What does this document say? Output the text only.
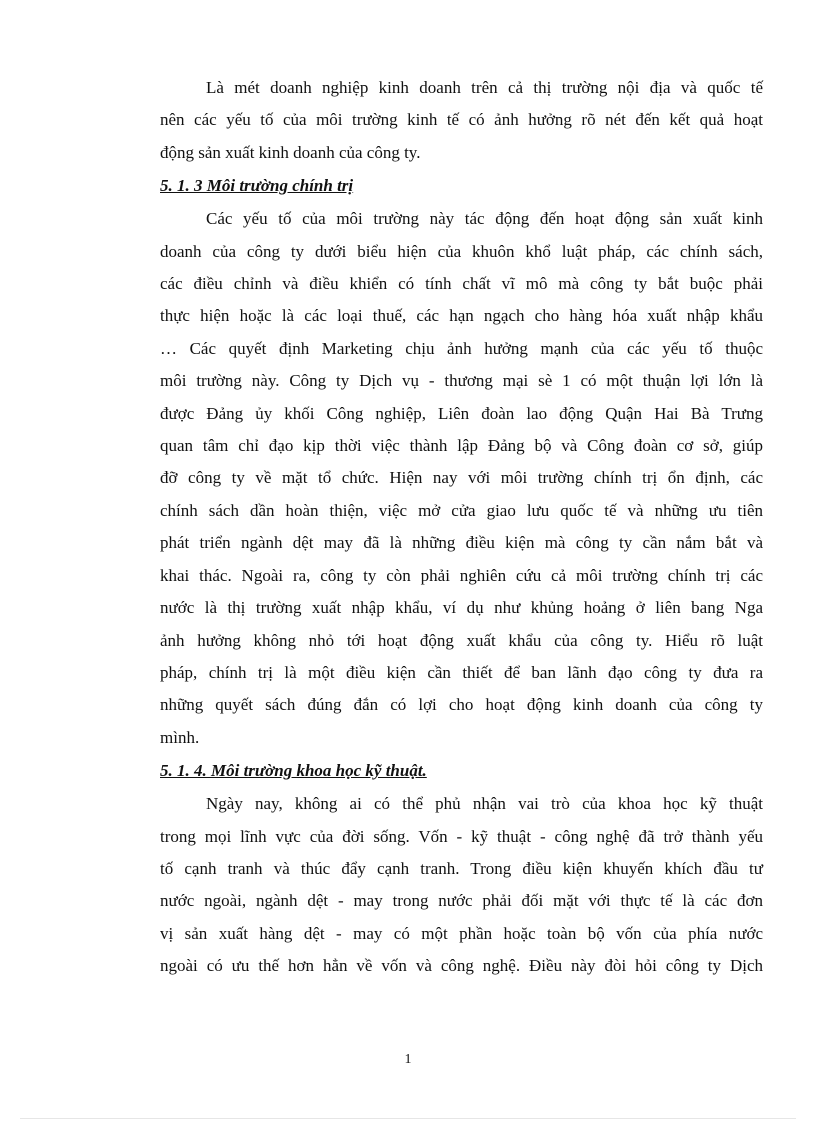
Là mét doanh nghiệp kinh doanh trên cả thị trường nội địa và quốc tế
nên các yếu tố của môi trường kinh tế có ảnh hưởng rõ nét đến kết quả hoạt
động sản xuất kinh doanh của công ty.

5. 1. 3 Môi trường chính trị

Các yếu tố của môi trường này tác động đến hoạt động sản xuất kinh
doanh của công ty dưới biểu hiện của khuôn khổ luật pháp, các chính sách,
các điều chỉnh và điều khiển có tính chất vĩ mô mà công ty bắt buộc phải
thực hiện hoặc là các loại thuế, các hạn ngạch cho hàng hóa xuất nhập khẩu
… Các quyết định Marketing chịu ảnh hưởng mạnh của các yếu tố thuộc
môi trường này. Công ty Dịch vụ - thương mại sè 1 có một thuận lợi lớn là
được Đảng ủy khối Công nghiệp, Liên đoàn lao động Quận Hai Bà Trưng
quan tâm chỉ đạo kịp thời việc thành lập Đảng bộ và Công đoàn cơ sở, giúp
đỡ công ty về mặt tổ chức. Hiện nay với môi trường chính trị ổn định, các
chính sách dần hoàn thiện, việc mở cửa giao lưu quốc tế và những ưu tiên
phát triển ngành dệt may đã là những điều kiện mà công ty cần nắm bắt và
khai thác. Ngoài ra, công ty còn phải nghiên cứu cả môi trường chính trị các
nước là thị trường xuất nhập khẩu, ví dụ như khủng hoảng ở liên bang Nga
ảnh hưởng không nhỏ tới hoạt động xuất khẩu của công ty. Hiểu rõ luật
pháp, chính trị là một điều kiện cần thiết để ban lãnh đạo công ty đưa ra
những quyết sách đúng đắn có lợi cho hoạt động kinh doanh của công ty
mình.

5. 1. 4. Môi trường khoa học kỹ thuật.

Ngày nay, không ai có thể phủ nhận vai trò của khoa học kỹ thuật
trong mọi lĩnh vực của đời sống. Vốn - kỹ thuật - công nghệ đã trở thành yếu
tố cạnh tranh và thúc đẩy cạnh tranh. Trong điều kiện khuyến khích đầu tư
nước ngoài, ngành dệt - may trong nước phải đối mặt với thực tế là các đơn
vị sản xuất hàng dệt - may có một phần hoặc toàn bộ vốn của phía nước
ngoài có ưu thế hơn hẳn về vốn và công nghệ. Điều này đòi hỏi công ty Dịch

1
